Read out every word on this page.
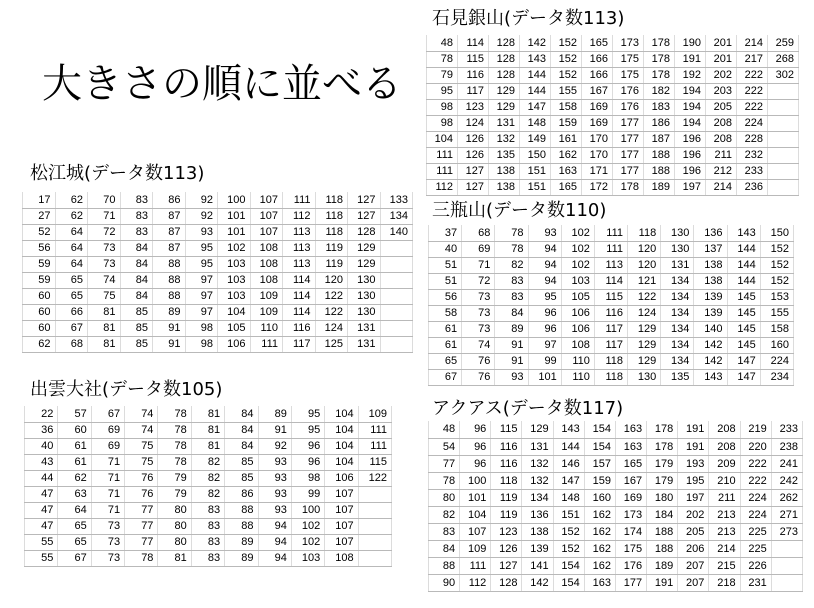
大きさの順に並べる
石見銀山(データ数113)
48	114	128	142	152	165	173	178	190	201	214	259
78	115	128	143	152	166	175	178	191	201	217	268
79	116	128	144	152	166	175	178	192	202	222	302
95	117	129	144	155	167	176	182	194	203	222	
98	123	129	147	158	169	176	183	194	205	222	
98	124	131	148	159	169	177	186	194	208	224	
104	126	132	149	161	170	177	187	196	208	228	
111	126	135	150	162	170	177	188	196	211	232	
111	127	138	151	163	171	177	188	196	212	233	
112	127	138	151	165	172	178	189	197	214	236	
松江城(データ数113)
17	62	70	83	86	92	100	107	111	118	127	133
27	62	71	83	87	92	101	107	112	118	127	134
52	64	72	83	87	93	101	107	113	118	128	140
56	64	73	84	87	95	102	108	113	119	129	
59	64	73	84	88	95	103	108	113	119	129	
59	65	74	84	88	97	103	108	114	120	130	
60	65	75	84	88	97	103	109	114	122	130	
60	66	81	85	89	97	104	109	114	122	130	
60	67	81	85	91	98	105	110	116	124	131	
62	68	81	85	91	98	106	111	117	125	131	
三瓶山(データ数110)
37	68	78	93	102	111	118	130	136	143	150
40	69	78	94	102	111	120	130	137	144	152
51	71	82	94	102	113	120	131	138	144	152
51	72	83	94	103	114	121	134	138	144	152
56	73	83	95	105	115	122	134	139	145	153
58	73	84	96	106	116	124	134	139	145	155
61	73	89	96	106	117	129	134	140	145	158
61	74	91	97	108	117	129	134	142	145	160
65	76	91	99	110	118	129	134	142	147	224
67	76	93	101	110	118	130	135	143	147	234
出雲大社(データ数105)
22	57	67	74	78	81	84	89	95	104	109
36	60	69	74	78	81	84	91	95	104	111
40	61	69	75	78	81	84	92	96	104	111
43	61	71	75	78	82	85	93	96	104	115
44	62	71	76	79	82	85	93	98	106	122
47	63	71	76	79	82	86	93	99	107	
47	64	71	77	80	83	88	93	100	107	
47	65	73	77	80	83	88	94	102	107	
55	65	73	77	80	83	89	94	102	107	
55	67	73	78	81	83	89	94	103	108	
アクアス(データ数117)
48	96	115	129	143	154	163	178	191	208	219	233
54	96	116	131	144	154	163	178	191	208	220	238
77	96	116	132	146	157	165	179	193	209	222	241
78	100	118	132	147	159	167	179	195	210	222	242
80	101	119	134	148	160	169	180	197	211	224	262
82	104	119	136	151	162	173	184	202	213	224	271
83	107	123	138	152	162	174	188	205	213	225	273
84	109	126	139	152	162	175	188	206	214	225	
88	111	127	141	154	162	176	189	207	215	226	
90	112	128	142	154	163	177	191	207	218	231	
